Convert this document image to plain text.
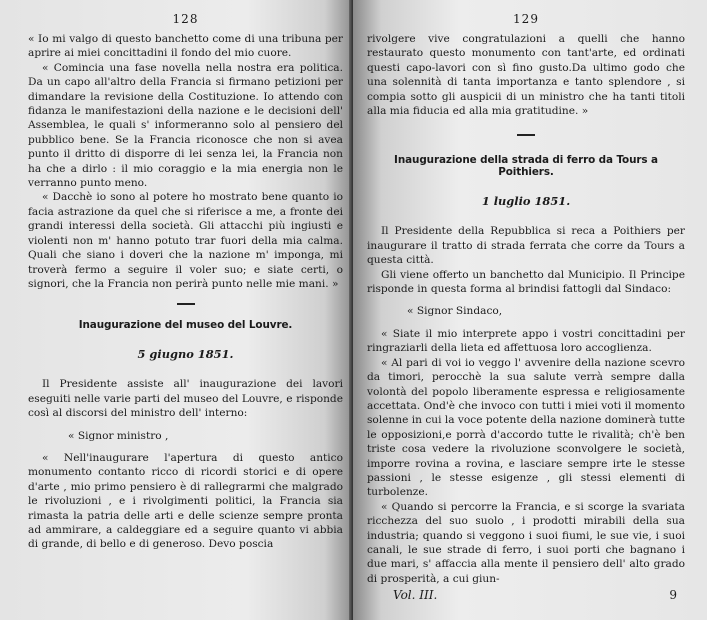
128

« Io mi valgo di questo banchetto come di una tribuna per aprire ai miei concittadini il fondo del mio cuore.

« Comincia una fase novella nella nostra era politica. Da un capo all'altro della Francia si firmano petizioni per dimandare la revisione della Costituzione. Io attendo con fidanza le manifestazioni della nazione e le decisioni dell' Assemblea, le quali s' informeranno solo al pensiero del pubblico bene. Se la Francia riconosce che non si avea punto il dritto di disporre di lei senza lei, la Francia non ha che a dirlo : il mio coraggio e la mia energia non le verranno punto meno.

« Dacchè io sono al potere ho mostrato bene quanto io facia astrazione da quel che si riferisce a me, a fronte dei grandi interessi della società. Gli attacchi più ingiusti e violenti non m' hanno potuto trar fuori della mia calma. Quali che siano i doveri che la nazione m' imponga, mi troverà fermo a seguire il voler suo; e siate certi, o signori, che la Francia non perirà punto nelle mie mani. »

Inaugurazione del museo del Louvre.
5 giugno 1851.

Il Presidente assiste all' inaugurazione dei lavori eseguiti nelle varie parti del museo del Louvre, e risponde così al discorsi del ministro dell' interno:

« Signor ministro ,

« Nell'inaugurare l'apertura di questo antico monumento contanto ricco di ricordi storici e di opere d'arte , mio primo pensiero è di rallegrarmi che malgrado le rivoluzioni , e i rivolgimenti politici, la Francia sia rimasta la patria delle arti e delle scienze sempre pronta ad ammirare, a caldeggiare ed a seguire quanto vi abbia di grande, di bello e di generoso. Devo poscia

129

rivolgere vive congratulazioni a quelli che hanno restaurato questo monumento con tant'arte, ed ordinati questi capo-lavori con sì fino gusto.Da ultimo godo che una solennità di tanta importanza e tanto splendore , si compia sotto gli auspicii di un ministro che ha tanti titoli alla mia fiducia ed alla mia gratitudine. »

Inaugurazione della strada di ferro da Tours a Poithiers.
1 luglio 1851.

Il Presidente della Repubblica si reca a Poithiers per inaugurare il tratto di strada ferrata che corre da Tours a questa città.

Gli viene offerto un banchetto dal Municipio. Il Principe risponde in questa forma al brindisi fattogli dal Sindaco:

« Signor Sindaco,

« Siate il mio interprete appo i vostri concittadini per ringraziarli della lieta ed affettuosa loro accoglienza.

« Al pari di voi io veggo l' avvenire della nazione scevro da timori, perocchè la sua salute verrà sempre dalla volontà del popolo liberamente espressa e religiosamente accettata. Ond'è che invoco con tutti i miei voti il momento solenne in cui la voce potente della nazione dominerà tutte le opposizioni,e porrà d'accordo tutte le rivalità; ch'è ben triste cosa vedere la rivoluzione sconvolgere le società, imporre rovina a rovina, e lasciare sempre irte le stesse passioni , le stesse esigenze , gli stessi elementi di turbolenze.

« Quando si percorre la Francia, e si scorge la svariata ricchezza del suo suolo , i prodotti mirabili della sua industria; quando si veggono i suoi fiumi, le sue vie, i suoi canali, le sue strade di ferro, i suoi porti che bagnano i due mari, s' affaccia alla mente il pensiero dell' alto grado di prosperità, a cui giun-

Vol. III.	9
